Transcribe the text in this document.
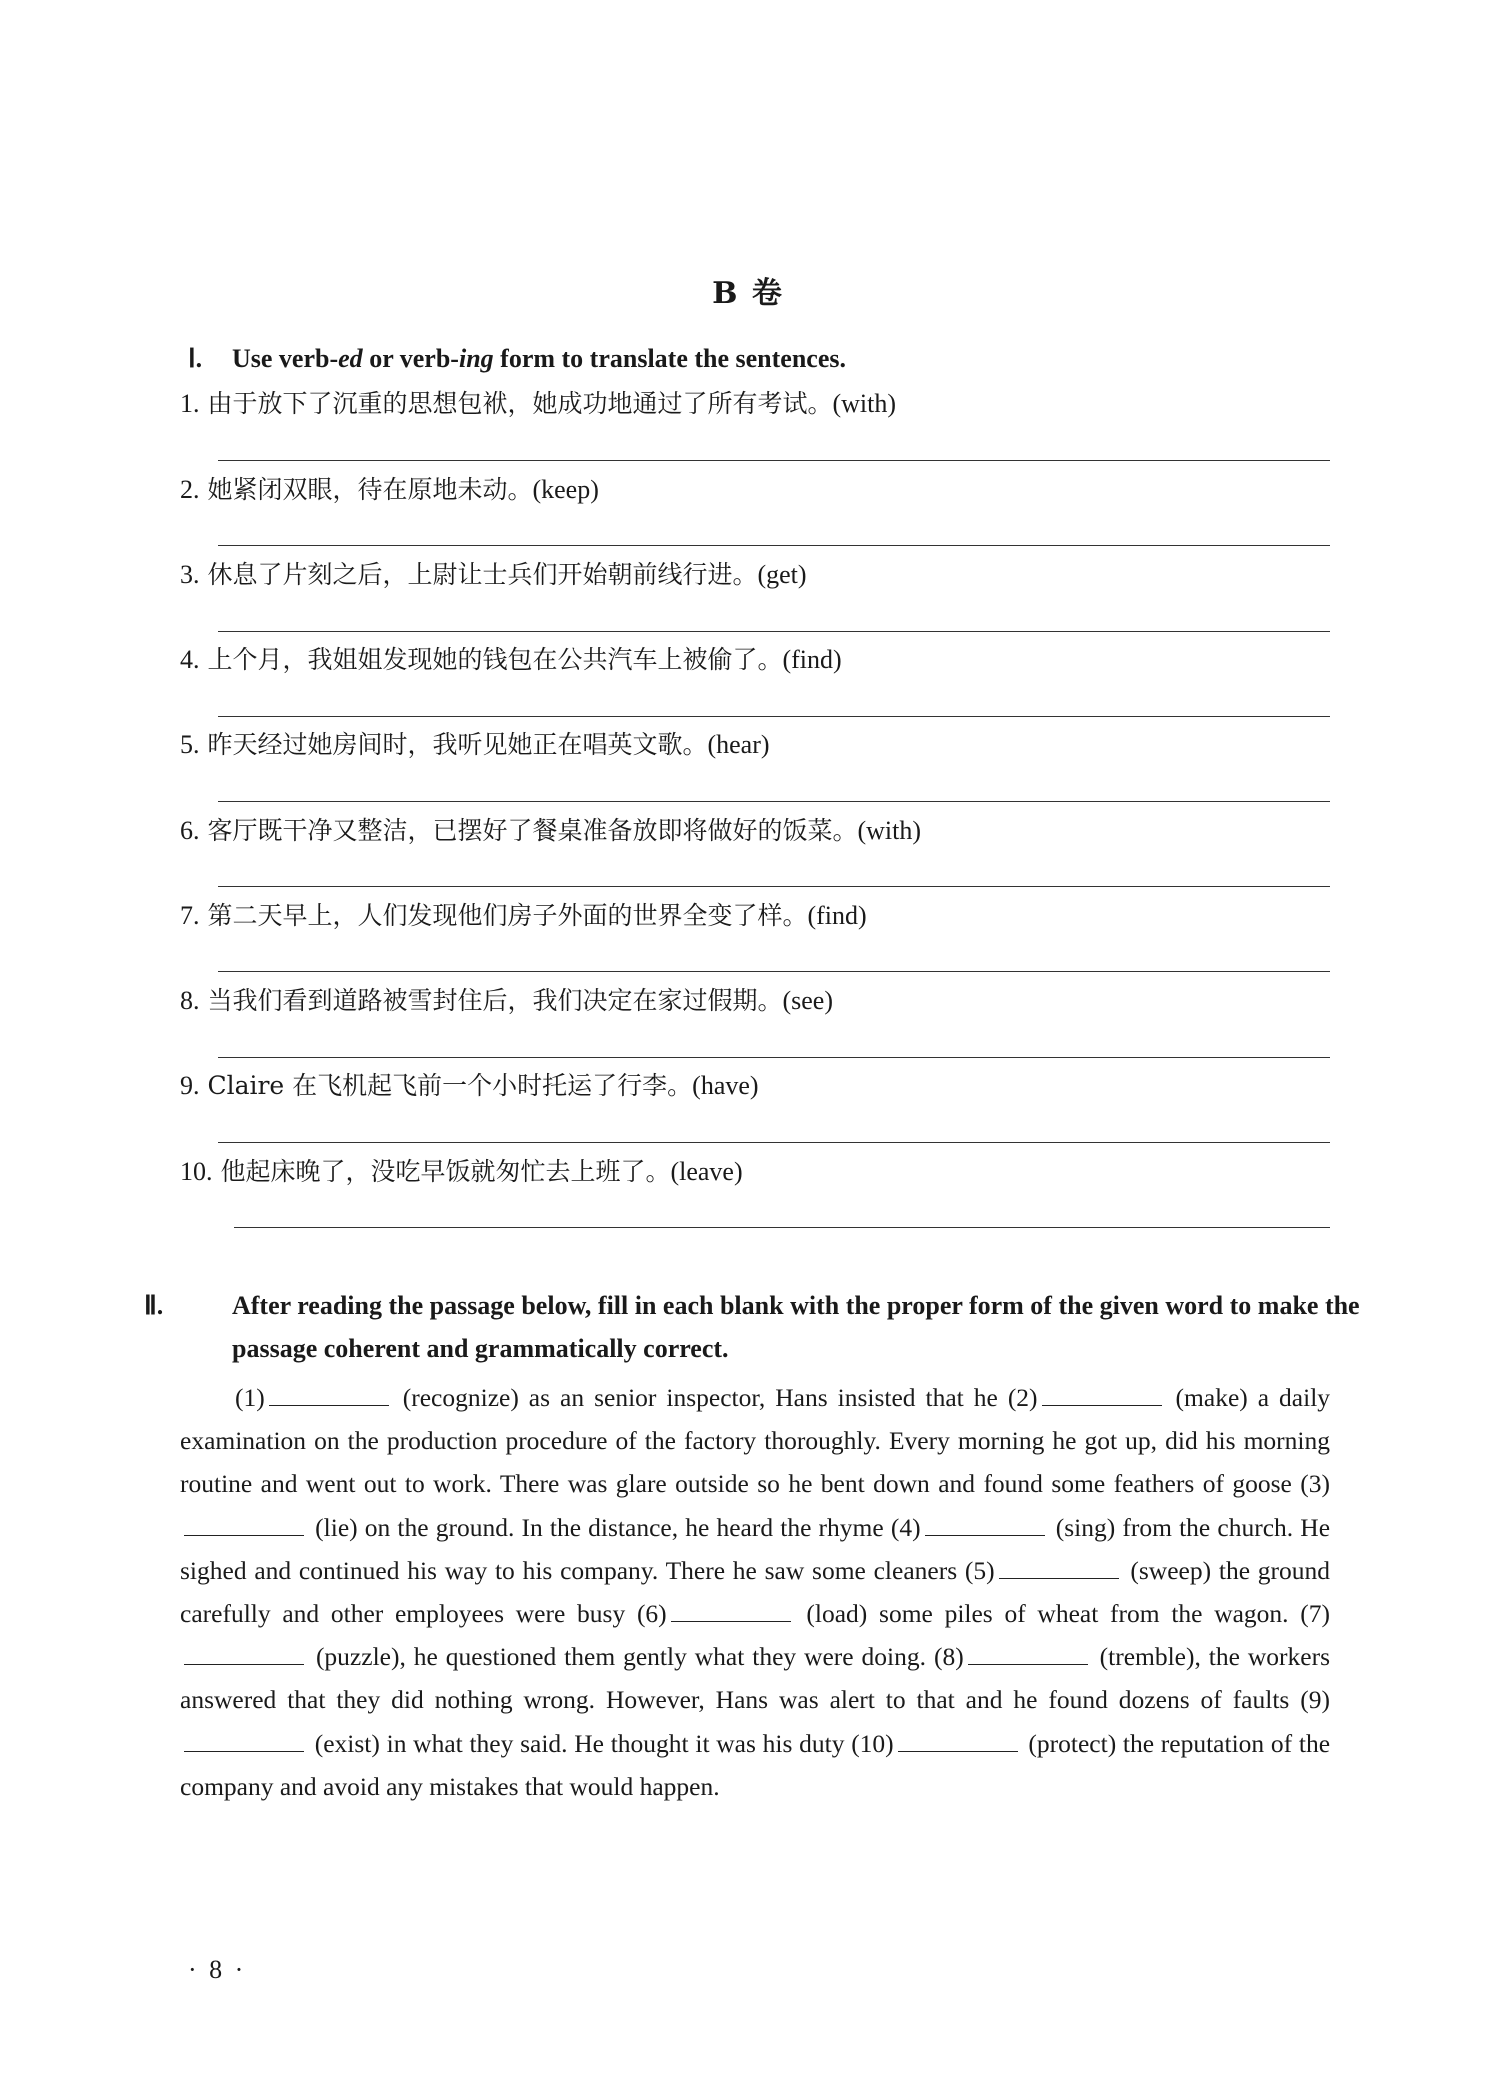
B 卷
Ⅰ. Use verb-ed or verb-ing form to translate the sentences.
1. 由于放下了沉重的思想包袱，她成功地通过了所有考试。(with)
2. 她紧闭双眼，待在原地未动。(keep)
3. 休息了片刻之后，上尉让士兵们开始朝前线行进。(get)
4. 上个月，我姐姐发现她的钱包在公共汽车上被偷了。(find)
5. 昨天经过她房间时，我听见她正在唱英文歌。(hear)
6. 客厅既干净又整洁，已摆好了餐桌准备放即将做好的饭菜。(with)
7. 第二天早上，人们发现他们房子外面的世界全变了样。(find)
8. 当我们看到道路被雪封住后，我们决定在家过假期。(see)
9. Claire 在飞机起飞前一个小时托运了行李。(have)
10. 他起床晚了，没吃早饭就匆忙去上班了。(leave)
Ⅱ.	After reading the passage below, fill in each blank with the proper form of the given word to make the passage coherent and grammatically correct.
(1)	(recognize) as an senior inspector, Hans insisted that he (2)	(make) a daily examination on the production procedure of the factory thoroughly. Every morning he got up, did his morning routine and went out to work. There was glare outside so he bent down and found some feathers of goose (3) (lie) on the ground. In the distance, he heard the rhyme (4)	(sing) from the church. He sighed and continued his way to his company. There he saw some cleaners (5)	(sweep) the ground carefully and other employees were busy (6)	(load) some piles of wheat from the wagon. (7) (puzzle), he questioned them gently what they were doing. (8)	(tremble), the workers answered that they did nothing wrong. However, Hans was alert to that and he found dozens of faults (9) (exist) in what they said. He thought it was his duty (10)	(protect) the reputation of the company and avoid any mistakes that would happen.
· 8 ·
